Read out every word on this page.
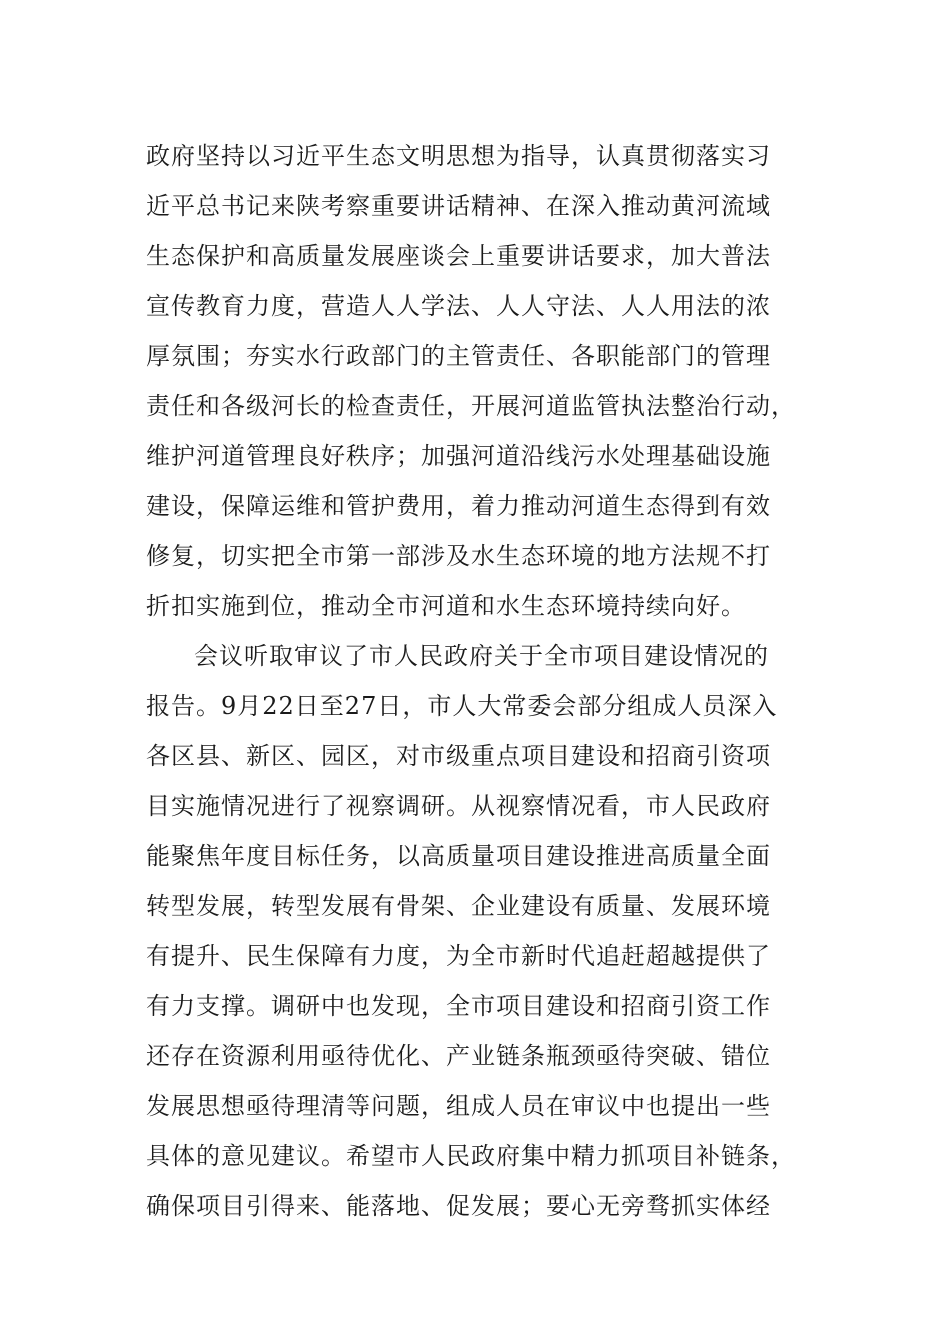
政府坚持以习近平生态文明思想为指导，认真贯彻落实习
近平总书记来陕考察重要讲话精神、在深入推动黄河流域
生态保护和高质量发展座谈会上重要讲话要求，加大普法
宣传教育力度，营造人人学法、人人守法、人人用法的浓
厚氛围；夯实水行政部门的主管责任、各职能部门的管理
责任和各级河长的检查责任，开展河道监管执法整治行动，
维护河道管理良好秩序；加强河道沿线污水处理基础设施
建设，保障运维和管护费用，着力推动河道生态得到有效
修复，切实把全市第一部涉及水生态环境的地方法规不打
折扣实施到位，推动全市河道和水生态环境持续向好。
会议听取审议了市人民政府关于全市项目建设情况的
报告。9月22日至27日，市人大常委会部分组成人员深入
各区县、新区、园区，对市级重点项目建设和招商引资项
目实施情况进行了视察调研。从视察情况看，市人民政府
能聚焦年度目标任务，以高质量项目建设推进高质量全面
转型发展，转型发展有骨架、企业建设有质量、发展环境
有提升、民生保障有力度，为全市新时代追赶超越提供了
有力支撑。调研中也发现，全市项目建设和招商引资工作
还存在资源利用亟待优化、产业链条瓶颈亟待突破、错位
发展思想亟待理清等问题，组成人员在审议中也提出一些
具体的意见建议。希望市人民政府集中精力抓项目补链条，
确保项目引得来、能落地、促发展；要心无旁骛抓实体经
